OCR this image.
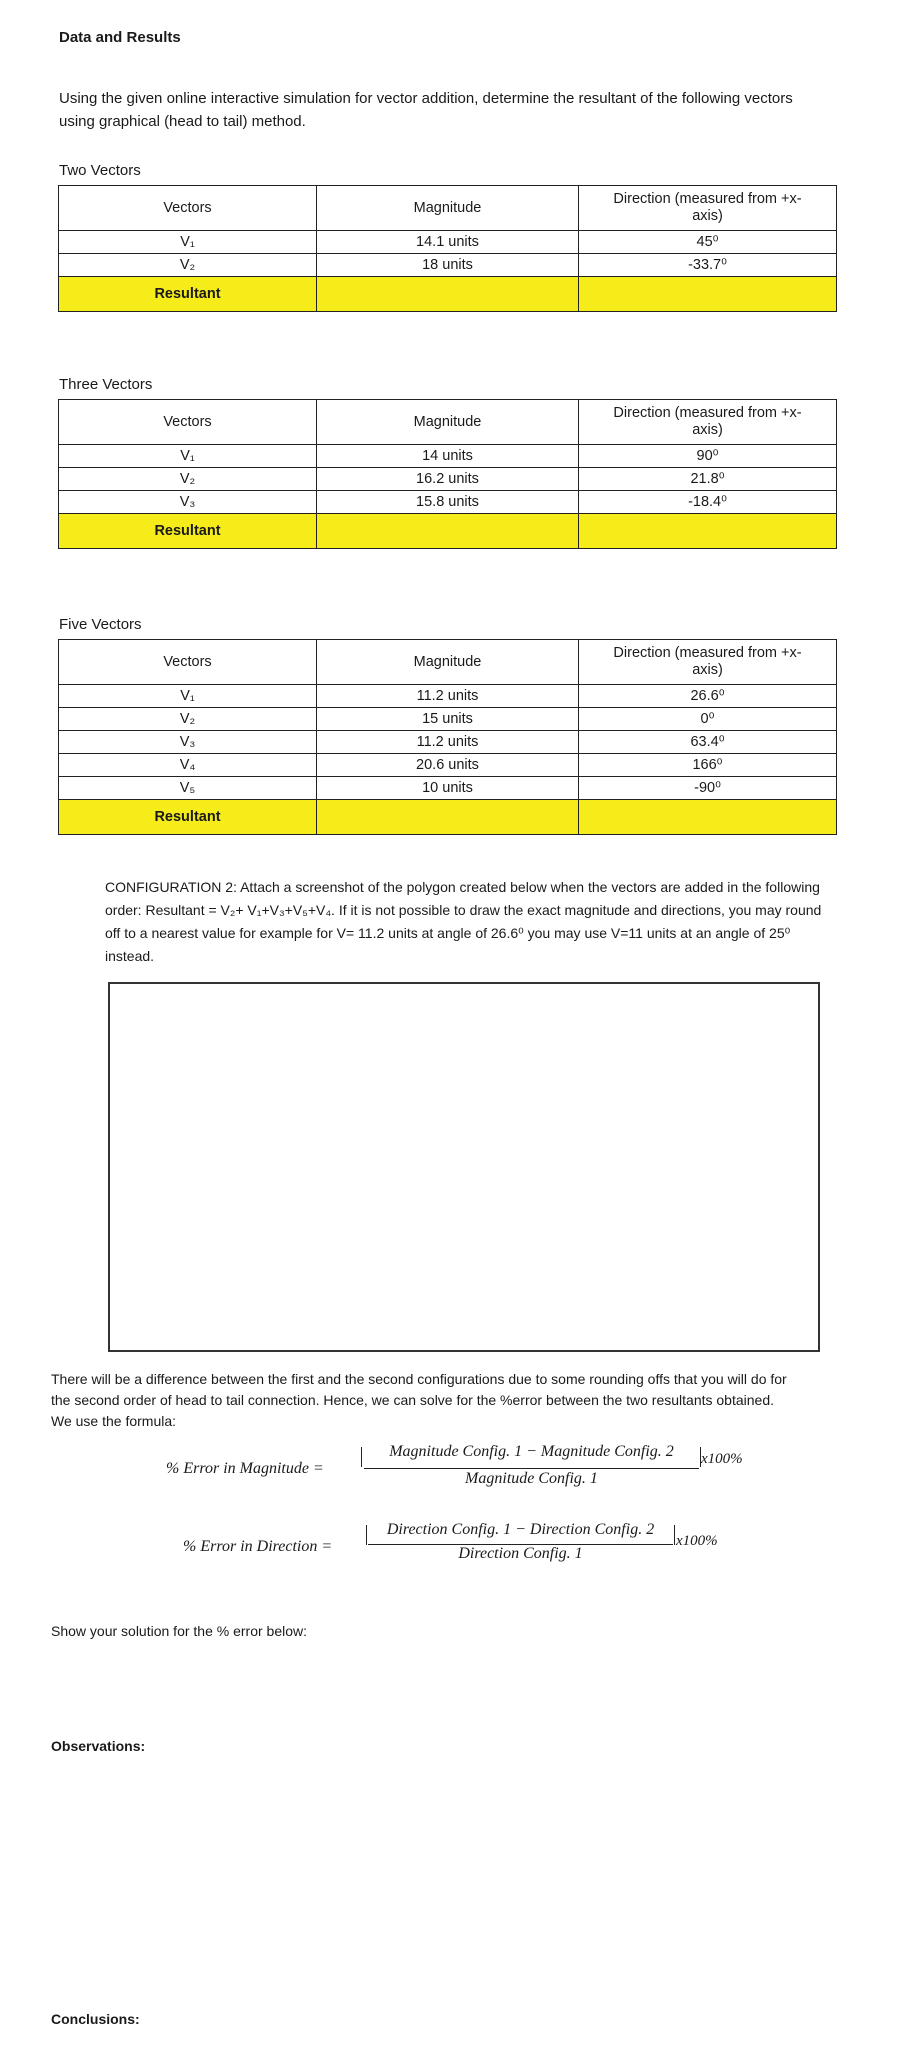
Data and Results
Using the given online interactive simulation for vector addition, determine the resultant of the following vectors
using graphical (head to tail) method.
Two Vectors
Vectors	Magnitude	Direction (measured from +x-
axis)
V₁	14.1 units	45⁰
V₂	18 units	-33.7⁰
Resultant		
Three Vectors
Vectors	Magnitude	Direction (measured from +x-
axis)
V₁	14 units	90⁰
V₂	16.2 units	21.8⁰
V₃	15.8 units	-18.4⁰
Resultant		
Five Vectors
Vectors	Magnitude	Direction (measured from +x-
axis)
V₁	11.2 units	26.6⁰
V₂	15 units	0⁰
V₃	11.2 units	63.4⁰
V₄	20.6 units	166⁰
V₅	10 units	-90⁰
Resultant		
CONFIGURATION 2: Attach a screenshot of the polygon created below when the vectors are added in the following
order: Resultant = V₂+ V₁+V₃+V₅+V₄. If it is not possible to draw the exact magnitude and directions, you may round
off to a nearest value for example for V= 11.2 units at angle of 26.6⁰ you may use V=11 units at an angle of 25⁰
instead.
There will be a difference between the first and the second configurations due to some rounding offs that you will do for
the second order of head to tail connection. Hence, we can solve for the %error between the two resultants obtained.
We use the formula:
% Error in Magnitude =
Magnitude Config. 1 − Magnitude Config. 2
Magnitude Config. 1
x100%
% Error in Direction =
Direction Config. 1 − Direction Config. 2
Direction Config. 1
x100%
Show your solution for the % error below:
Observations:
Conclusions:
